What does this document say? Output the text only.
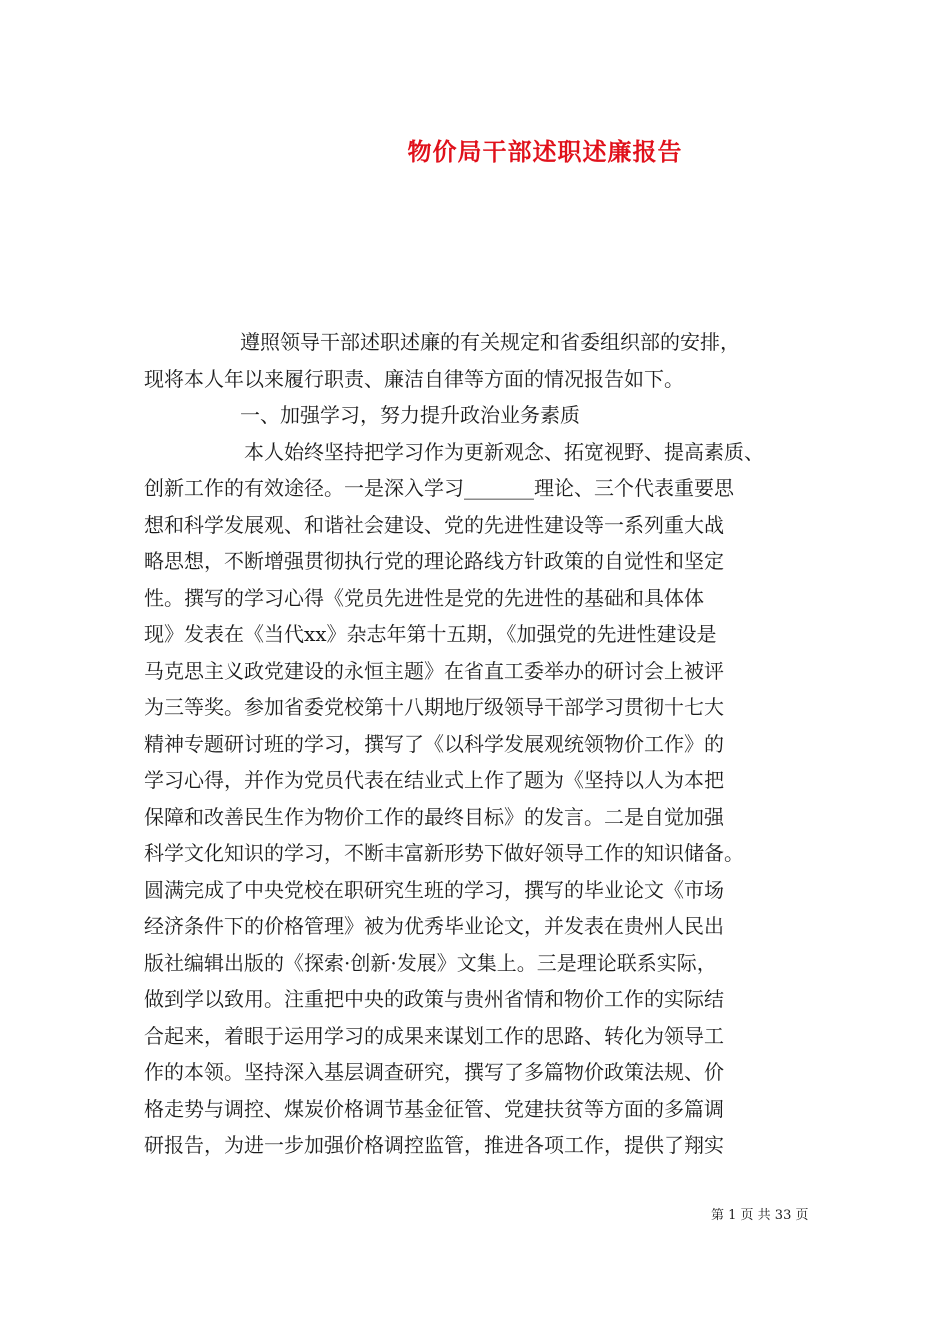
物价局干部述职述廉报告
遵照领导干部述职述廉的有关规定和省委组织部的安排，
现将本人年以来履行职责、廉洁自律等方面的情况报告如下。
一、加强学习，努力提升政治业务素质
本人始终坚持把学习作为更新观念、拓宽视野、提高素质、
创新工作的有效途径。一是深入学习_______理论、三个代表重要思
想和科学发展观、和谐社会建设、党的先进性建设等一系列重大战
略思想，不断增强贯彻执行党的理论路线方针政策的自觉性和坚定
性。撰写的学习心得《党员先进性是党的先进性的基础和具体体
现》发表在《当代xx》杂志年第十五期，《加强党的先进性建设是
马克思主义政党建设的永恒主题》在省直工委举办的研讨会上被评
为三等奖。参加省委党校第十八期地厅级领导干部学习贯彻十七大
精神专题研讨班的学习，撰写了《以科学发展观统领物价工作》的
学习心得，并作为党员代表在结业式上作了题为《坚持以人为本把
保障和改善民生作为物价工作的最终目标》的发言。二是自觉加强
科学文化知识的学习，不断丰富新形势下做好领导工作的知识储备。
圆满完成了中央党校在职研究生班的学习，撰写的毕业论文《市场
经济条件下的价格管理》被为优秀毕业论文，并发表在贵州人民出
版社编辑出版的《探索·创新·发展》文集上。三是理论联系实际，
做到学以致用。注重把中央的政策与贵州省情和物价工作的实际结
合起来，着眼于运用学习的成果来谋划工作的思路、转化为领导工
作的本领。坚持深入基层调查研究，撰写了多篇物价政策法规、价
格走势与调控、煤炭价格调节基金征管、党建扶贫等方面的多篇调
研报告，为进一步加强价格调控监管，推进各项工作，提供了翔实
第 1 页 共 33 页
